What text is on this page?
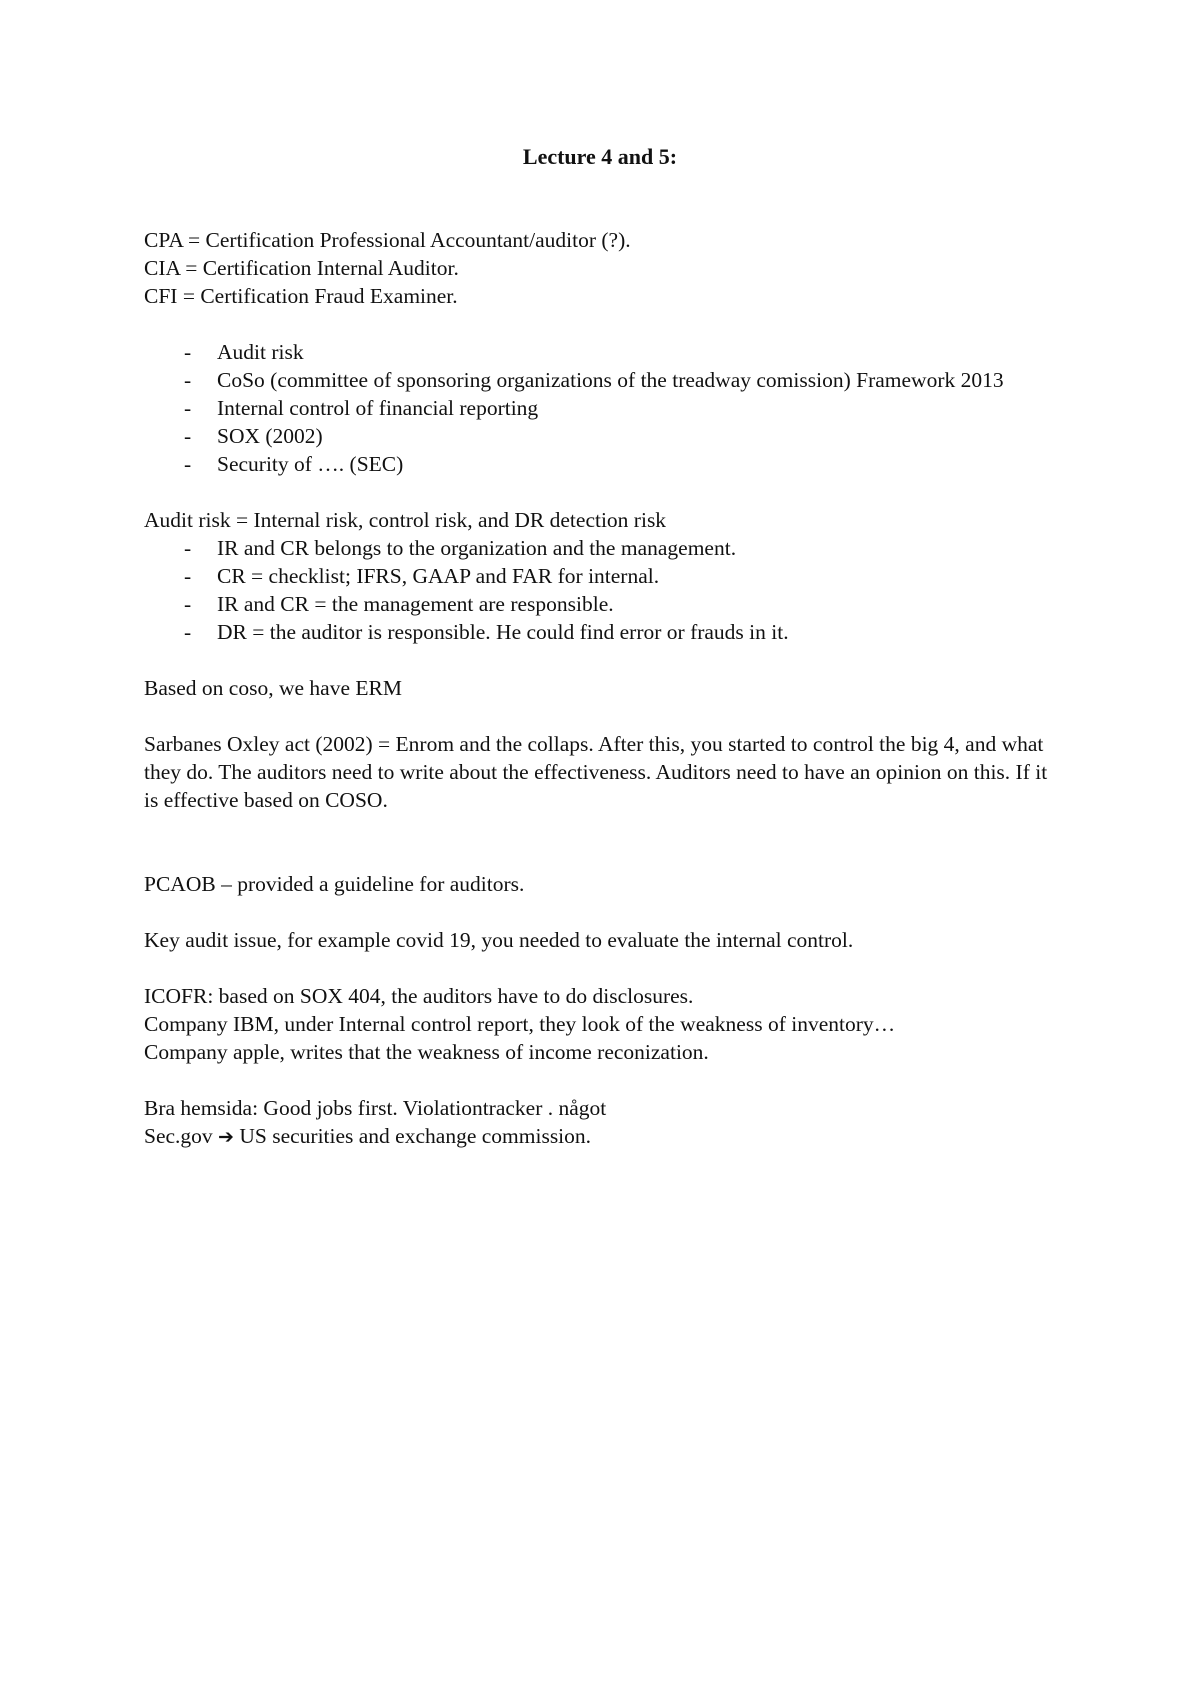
Lecture 4 and 5:

CPA = Certification Professional Accountant/auditor (?).

CIA = Certification Internal Auditor.

CFI = Certification Fraud Examiner.

- Audit risk
- CoSo (committee of sponsoring organizations of the treadway comission) Framework 2013
- Internal control of financial reporting
- SOX (2002)
- Security of …. (SEC)

Audit risk = Internal risk, control risk, and DR detection risk

- IR and CR belongs to the organization and the management.
- CR = checklist; IFRS, GAAP and FAR for internal.
- IR and CR = the management are responsible.
- DR = the auditor is responsible. He could find error or frauds in it.

Based on coso, we have ERM

Sarbanes Oxley act (2002) = Enrom and the collaps. After this, you started to control the big 4, and what they do. The auditors need to write about the effectiveness. Auditors need to have an opinion on this. If it is effective based on COSO.

PCAOB – provided a guideline for auditors.

Key audit issue, for example covid 19, you needed to evaluate the internal control.

ICOFR: based on SOX 404, the auditors have to do disclosures.

Company IBM, under Internal control report, they look of the weakness of inventory…

Company apple, writes that the weakness of income reconization.

Bra hemsida: Good jobs first. Violationtracker . något

Sec.gov ➔ US securities and exchange commission.
